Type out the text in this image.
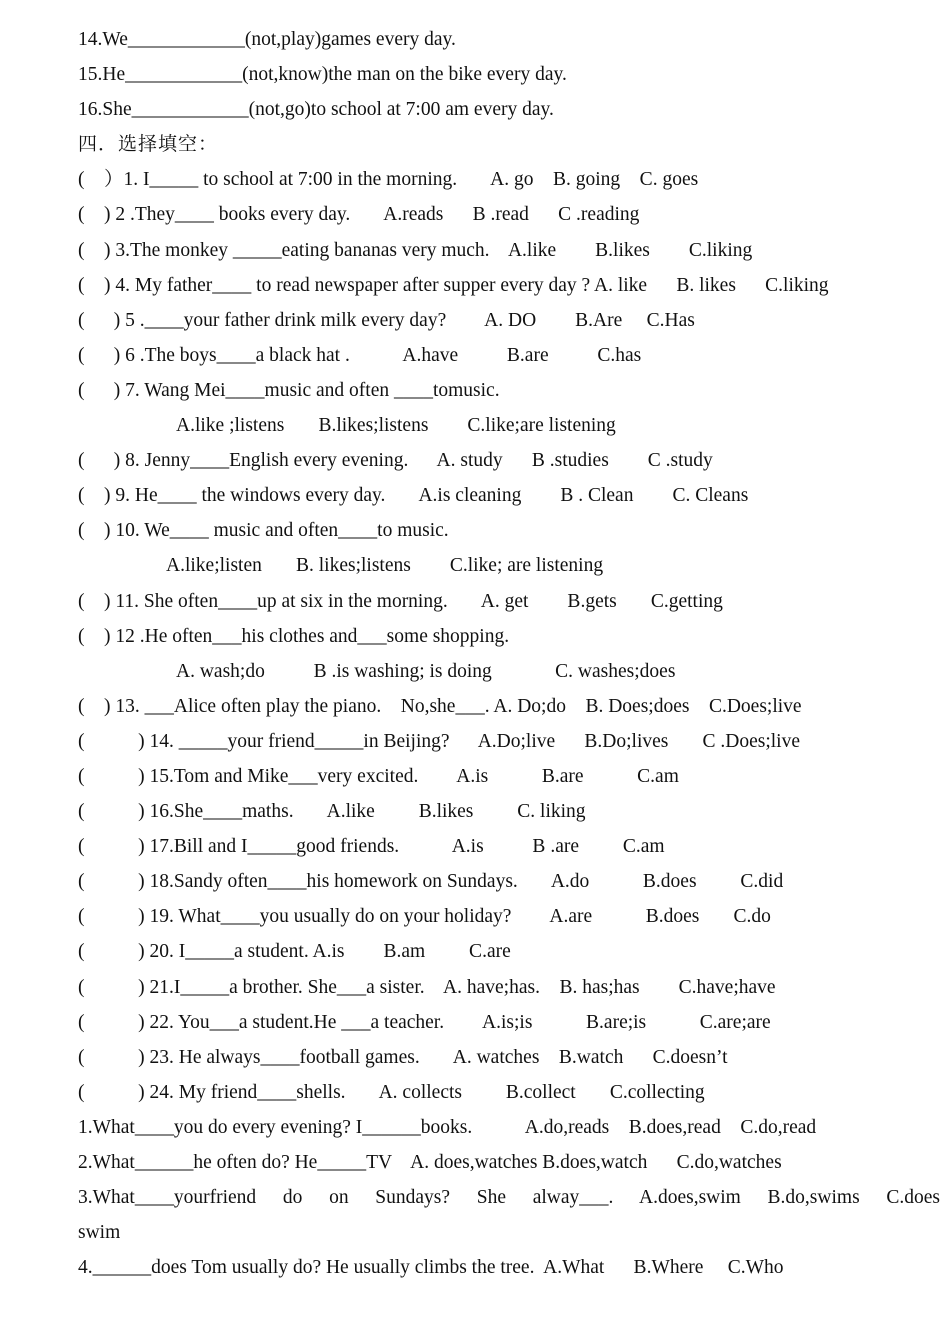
14.We____________(not,play)games every day.
15.He____________(not,know)the man on the bike every day.
16.She____________(not,go)to school at 7:00 am every day.
四．选择填空：
(    ）1. I_____ to school at 7:00 in the morning.       A. go    B. going    C. goes
(    ) 2 .They____ books every day.       A.reads      B .read      C .reading
(    ) 3.The monkey _____eating bananas very much.    A.like        B.likes        C.liking
(    ) 4. My father____ to read newspaper after supper every day ? A. like      B. likes      C.liking
(      ) 5 .____your father drink milk every day?        A. DO        B.Are     C.Has
(      ) 6 .The boys____a black hat .           A.have          B.are          C.has
(      ) 7. Wang Mei____music and often ____tomusic.
A.like ;listens       B.likes;listens        C.like;are listening
(      ) 8. Jenny____English every evening.      A. study      B .studies        C .study
(    ) 9. He____ the windows every day.       A.is cleaning        B . Clean        C. Cleans
(    ) 10. We____ music and often____to music.
A.like;listen       B. likes;listens        C.like; are listening
(    ) 11. She often____up at six in the morning.       A. get        B.gets       C.getting
(    ) 12 .He often___his clothes and___some shopping.
A. wash;do          B .is washing; is doing             C. washes;does
(    ) 13. ___Alice often play the piano.    No,she___. A. Do;do    B. Does;does    C.Does;live
(           ) 14. _____your friend_____in Beijing?      A.Do;live      B.Do;lives       C .Does;live
(           ) 15.Tom and Mike___very excited.        A.is           B.are           C.am
(           ) 16.She____maths.       A.like         B.likes         C. liking
(           ) 17.Bill and I_____good friends.           A.is          B .are         C.am
(           ) 18.Sandy often____his homework on Sundays.       A.do           B.does         C.did
(           ) 19. What____you usually do on your holiday?        A.are           B.does       C.do
(           ) 20. I_____a student. A.is        B.am         C.are
(           ) 21.I_____a brother. She___a sister.    A. have;has.    B. has;has        C.have;have
(           ) 22. You___a student.He ___a teacher.        A.is;is           B.are;is           C.are;are
(           ) 23. He always____football games.       A. watches    B.watch      C.doesn’t
(           ) 24. My friend____shells.       A. collects         B.collect       C.collecting
1.What____you do every evening? I______books.           A.do,reads    B.does,read    C.do,read
2.What______he often do? He_____TV    A. does,watches B.does,watch      C.do,watches
3.What____yourfriend do on Sundays? She alway___. A.does,swim B.do,swims C.does
swim
4.______does Tom usually do? He usually climbs the tree.  A.What      B.Where     C.Who
